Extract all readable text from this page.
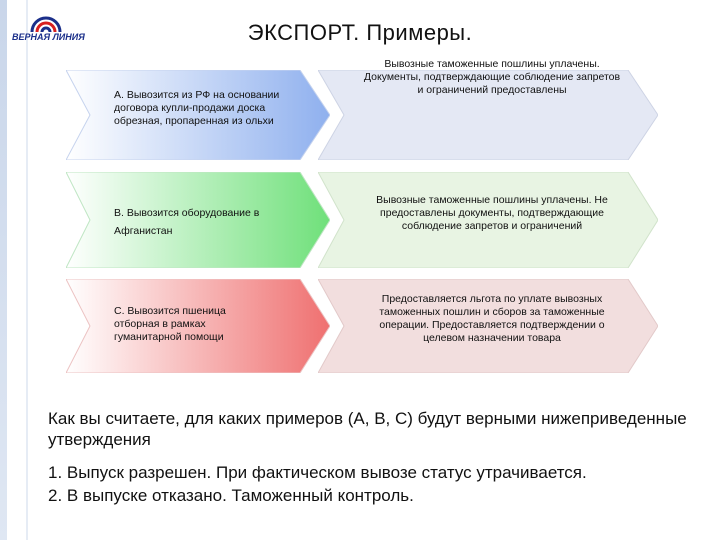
ВЕРНАЯ ЛИНИЯ	ЭКСПОРТ. Примеры.
А. Вывозится из РФ на основании договора купли-продажи доска обрезная, пропаренная из ольхи
Вывозные таможенные пошлины уплачены. Документы, подтверждающие соблюдение запретов и ограничений предоставлены
В. Вывозится оборудование в Афганистан
Вывозные таможенные пошлины уплачены. Не предоставлены документы, подтверждающие соблюдение запретов и ограничений
С. Вывозится пшеница отборная в рамках гуманитарной помощи
Предоставляется льгота по уплате вывозных таможенных пошлин и сборов за таможенные операции. Предоставляется подтверждении о целевом назначении товара
Как вы считаете, для каких примеров (А, В, С) будут верными нижеприведенные утверждения
1. Выпуск разрешен. При фактическом вывозе статус утрачивается.
2. В выпуске отказано. Таможенный контроль.
